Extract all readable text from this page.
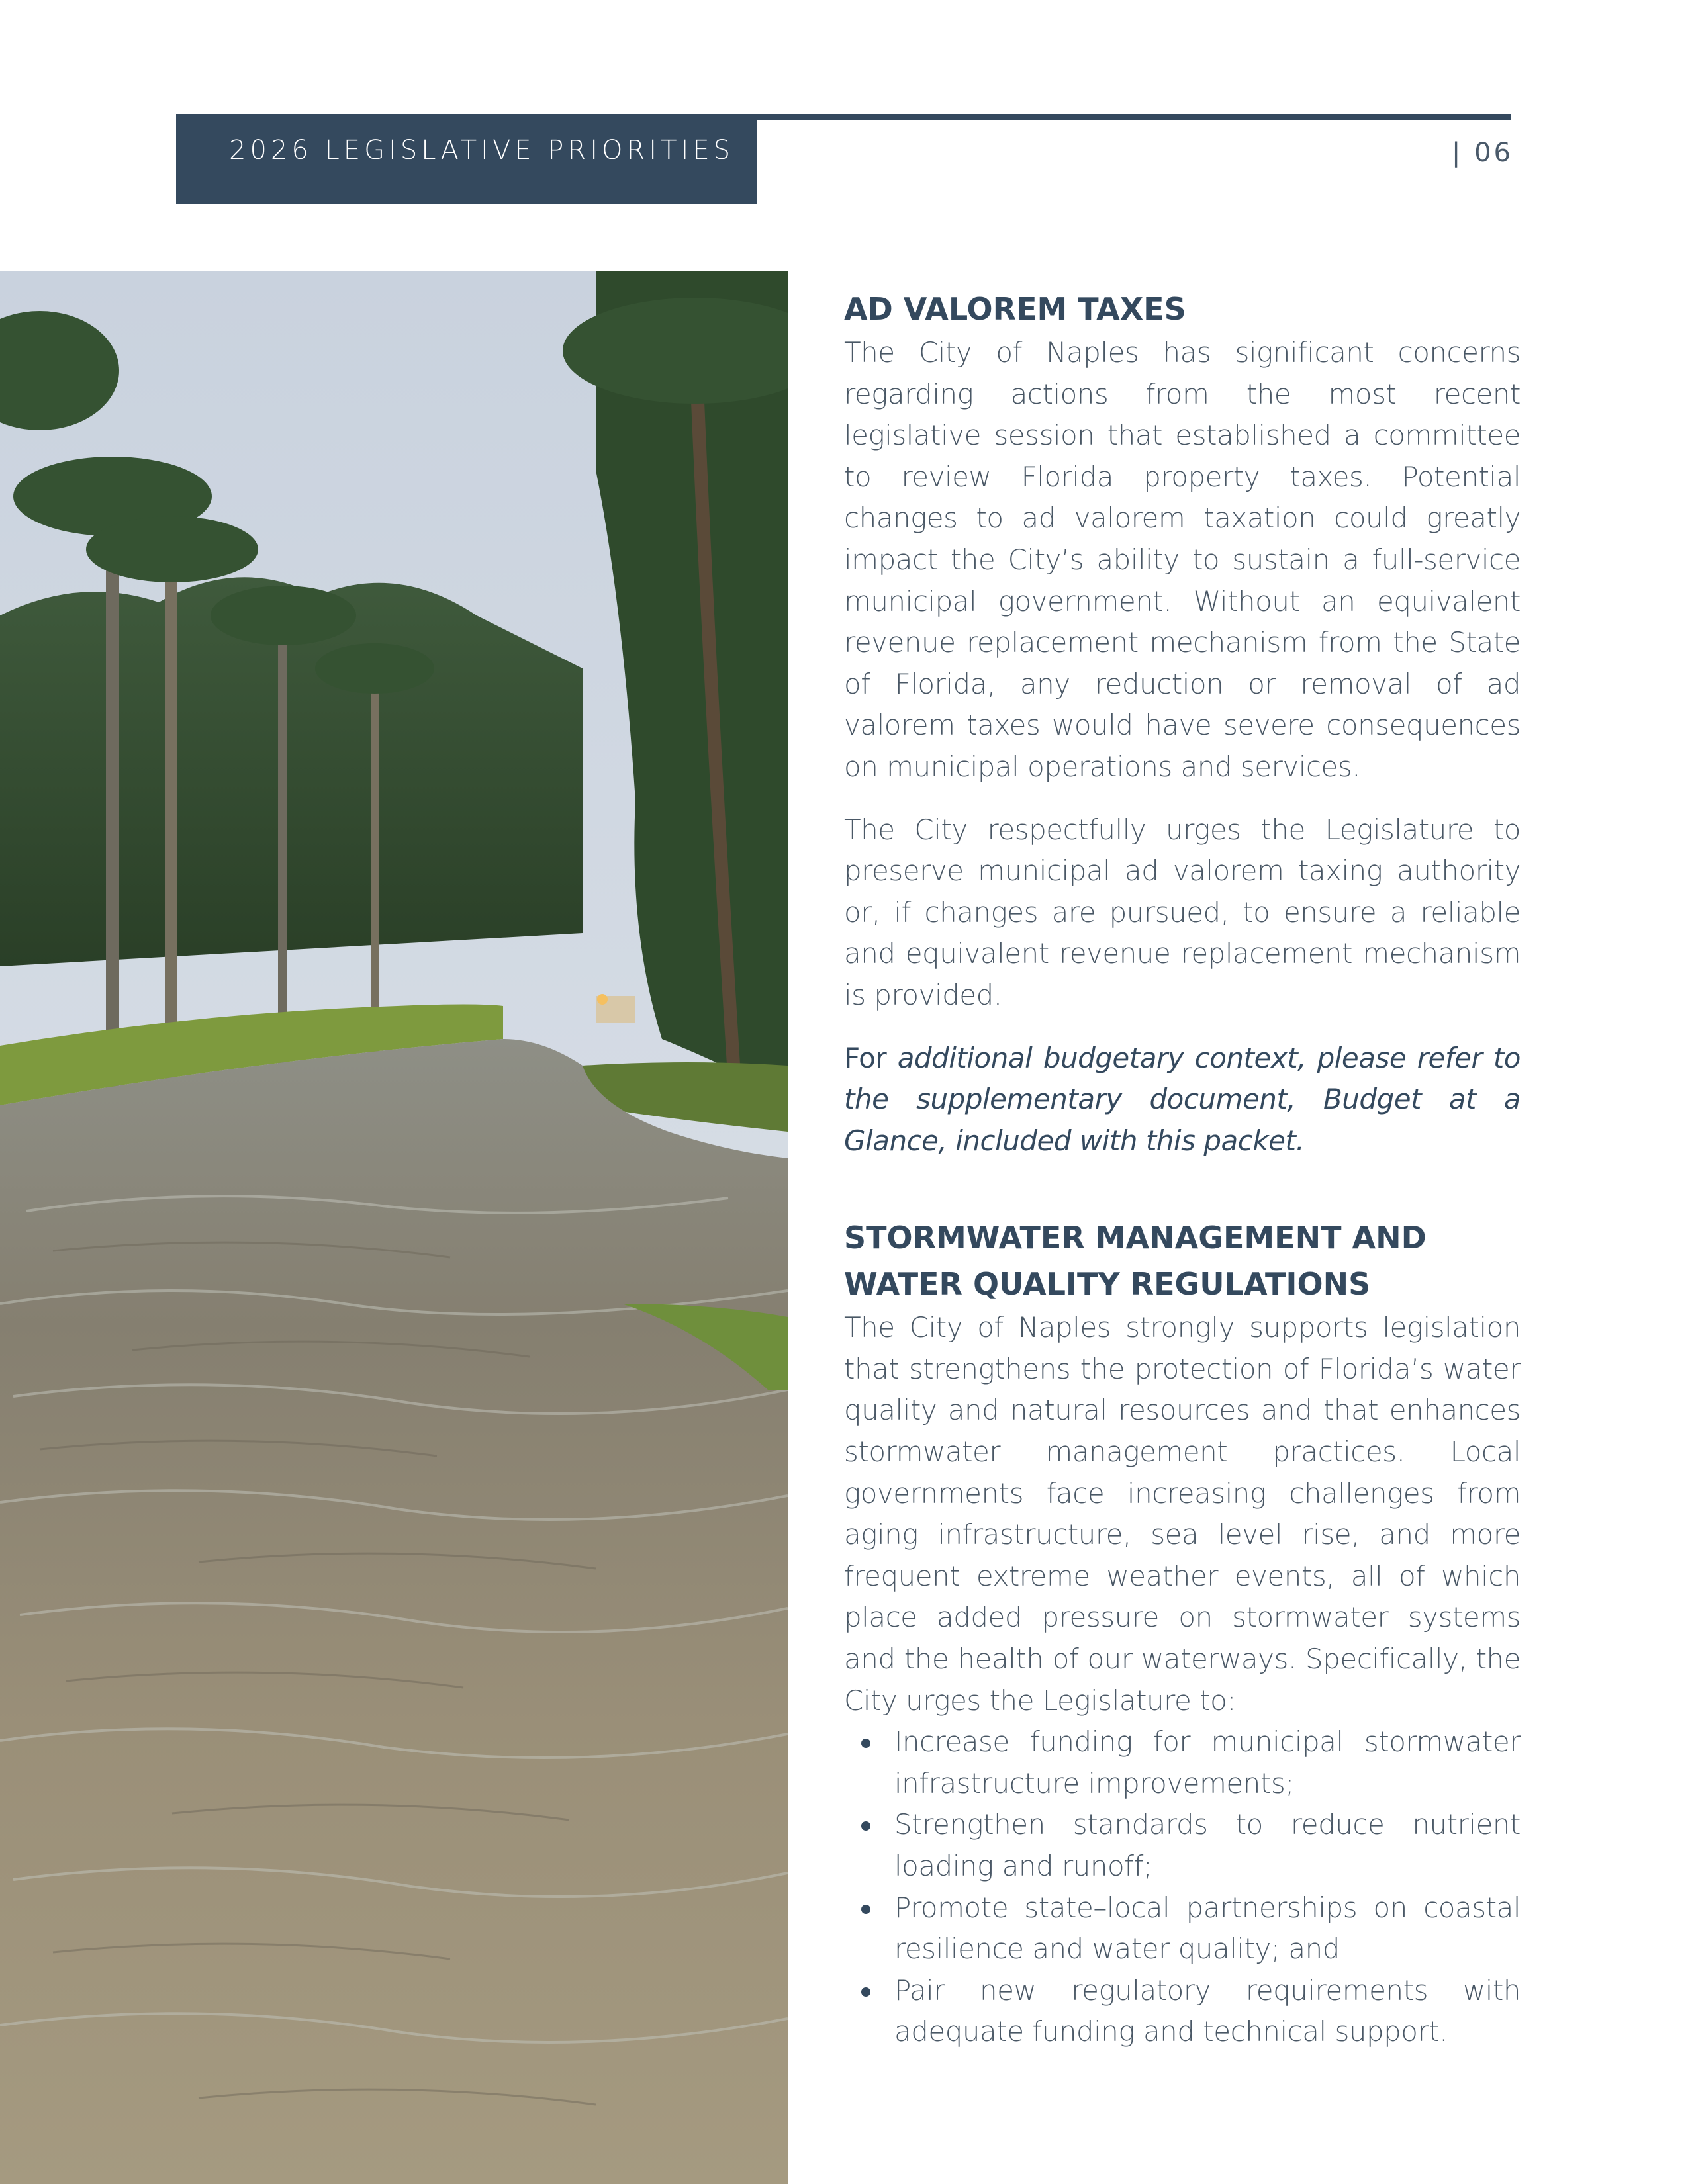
2026 LEGISLATIVE PRIORITIES	| 06
AD VALOREM TAXES

The City of Naples has significant concerns regarding actions from the most recent legislative session that established a committee to review Florida property taxes. Potential changes to ad valorem taxation could greatly impact the City’s ability to sustain a full-service municipal government. Without an equivalent revenue replacement mechanism from the State of Florida, any reduction or removal of ad valorem taxes would have severe consequences on municipal operations and services.

The City respectfully urges the Legislature to preserve municipal ad valorem taxing authority or, if changes are pursued, to ensure a reliable and equivalent revenue replacement mechanism is provided.

For additional budgetary context, please refer to the supplementary document, Budget at a Glance, included with this packet.

STORMWATER MANAGEMENT AND
WATER QUALITY REGULATIONS

The City of Naples strongly supports legislation that strengthens the protection of Florida’s water quality and natural resources and that enhances stormwater management practices. Local governments face increasing challenges from aging infrastructure, sea level rise, and more frequent extreme weather events, all of which place added pressure on stormwater systems and the health of our waterways. Specifically, the City urges the Legislature to:

Increase funding for municipal stormwater infrastructure improvements;
Strengthen standards to reduce nutrient loading and runoff;
Promote state–local partnerships on coastal resilience and water quality; and
Pair new regulatory requirements with adequate funding and technical support.
